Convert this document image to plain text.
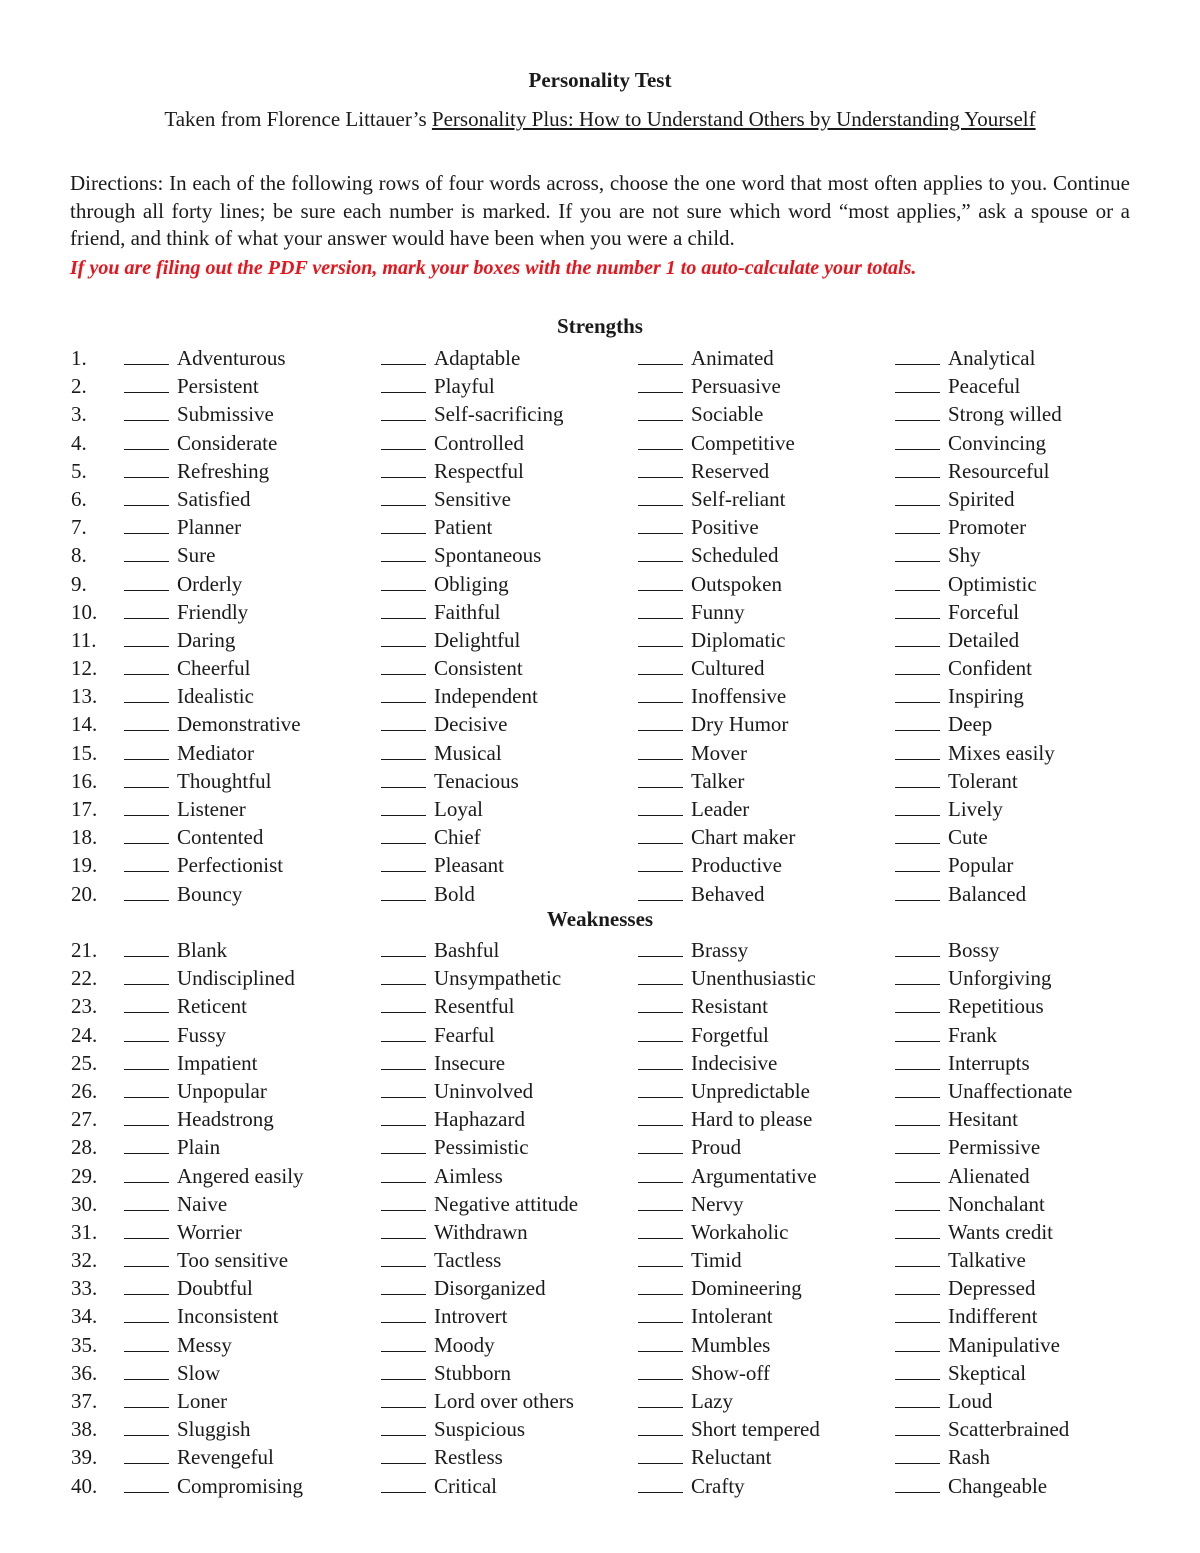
Personality Test
Taken from Florence Littauer’s Personality Plus: How to Understand Others by Understanding Yourself
Directions: In each of the following rows of four words across, choose the one word that most often applies to you. Continue through all forty lines; be sure each number is marked. If you are not sure which word “most applies,” ask a spouse or a friend, and think of what your answer would have been when you were a child.
If you are filing out the PDF version, mark your boxes with the number 1 to auto-calculate your totals.
Strengths
1.	Adventurous	Adaptable	Animated	Analytical
2.	Persistent	Playful	Persuasive	Peaceful
3.	Submissive	Self-sacrificing	Sociable	Strong willed
4.	Considerate	Controlled	Competitive	Convincing
5.	Refreshing	Respectful	Reserved	Resourceful
6.	Satisfied	Sensitive	Self-reliant	Spirited
7.	Planner	Patient	Positive	Promoter
8.	Sure	Spontaneous	Scheduled	Shy
9.	Orderly	Obliging	Outspoken	Optimistic
10.	Friendly	Faithful	Funny	Forceful
11.	Daring	Delightful	Diplomatic	Detailed
12.	Cheerful	Consistent	Cultured	Confident
13.	Idealistic	Independent	Inoffensive	Inspiring
14.	Demonstrative	Decisive	Dry Humor	Deep
15.	Mediator	Musical	Mover	Mixes easily
16.	Thoughtful	Tenacious	Talker	Tolerant
17.	Listener	Loyal	Leader	Lively
18.	Contented	Chief	Chart maker	Cute
19.	Perfectionist	Pleasant	Productive	Popular
20.	Bouncy	Bold	Behaved	Balanced
Weaknesses
21.	Blank	Bashful	Brassy	Bossy
22.	Undisciplined	Unsympathetic	Unenthusiastic	Unforgiving
23.	Reticent	Resentful	Resistant	Repetitious
24.	Fussy	Fearful	Forgetful	Frank
25.	Impatient	Insecure	Indecisive	Interrupts
26.	Unpopular	Uninvolved	Unpredictable	Unaffectionate
27.	Headstrong	Haphazard	Hard to please	Hesitant
28.	Plain	Pessimistic	Proud	Permissive
29.	Angered easily	Aimless	Argumentative	Alienated
30.	Naive	Negative attitude	Nervy	Nonchalant
31.	Worrier	Withdrawn	Workaholic	Wants credit
32.	Too sensitive	Tactless	Timid	Talkative
33.	Doubtful	Disorganized	Domineering	Depressed
34.	Inconsistent	Introvert	Intolerant	Indifferent
35.	Messy	Moody	Mumbles	Manipulative
36.	Slow	Stubborn	Show-off	Skeptical
37.	Loner	Lord over others	Lazy	Loud
38.	Sluggish	Suspicious	Short tempered	Scatterbrained
39.	Revengeful	Restless	Reluctant	Rash
40.	Compromising	Critical	Crafty	Changeable
